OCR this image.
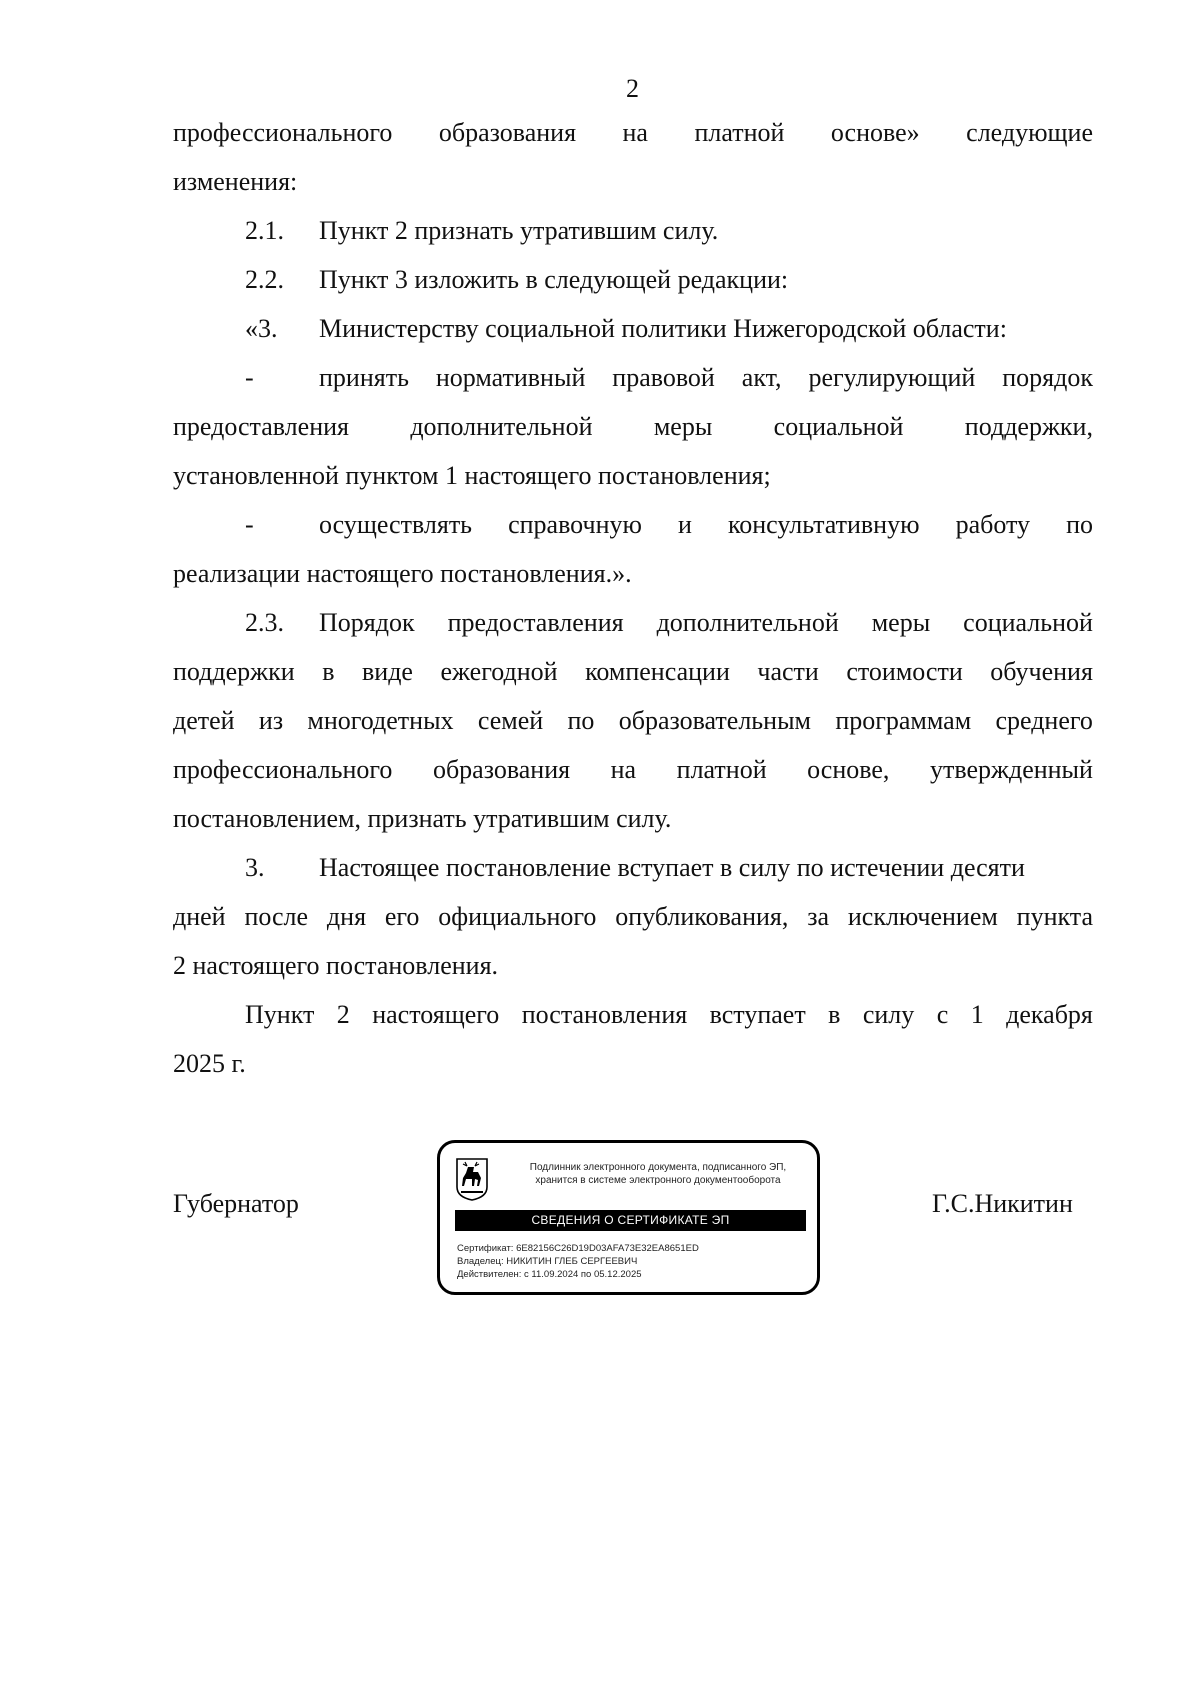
2
профессионального образования на платной основе» следующие
изменения:
2.1. Пункт 2 признать утратившим силу.
2.2. Пункт 3 изложить в следующей редакции:
«3. Министерству социальной политики Нижегородской области:
-	принять нормативный правовой акт, регулирующий порядок
предоставления дополнительной меры социальной поддержки,
установленной пунктом 1 настоящего постановления;
-	осуществлять справочную и консультативную работу по
реализации настоящего постановления.».
2.3. Порядок предоставления дополнительной меры социальной
поддержки в виде ежегодной компенсации части стоимости обучения
детей из многодетных семей по образовательным программам среднего
профессионального образования на платной основе, утвержденный
постановлением, признать утратившим силу.
3. Настоящее постановление вступает в силу по истечении десяти
дней после дня его официального опубликования, за исключением пункта
2 настоящего постановления.
Пункт 2 настоящего постановления вступает в силу с 1 декабря
2025 г.
Губернатор	Г.С.Никитин
Подлинник электронного документа, подписанного ЭП,
хранится в системе электронного документооборота
СВЕДЕНИЯ О СЕРТИФИКАТЕ ЭП
Сертификат: 6E82156C26D19D03AFA73E32EA8651ED
Владелец: НИКИТИН ГЛЕБ СЕРГЕЕВИЧ
Действителен: с 11.09.2024 по 05.12.2025
